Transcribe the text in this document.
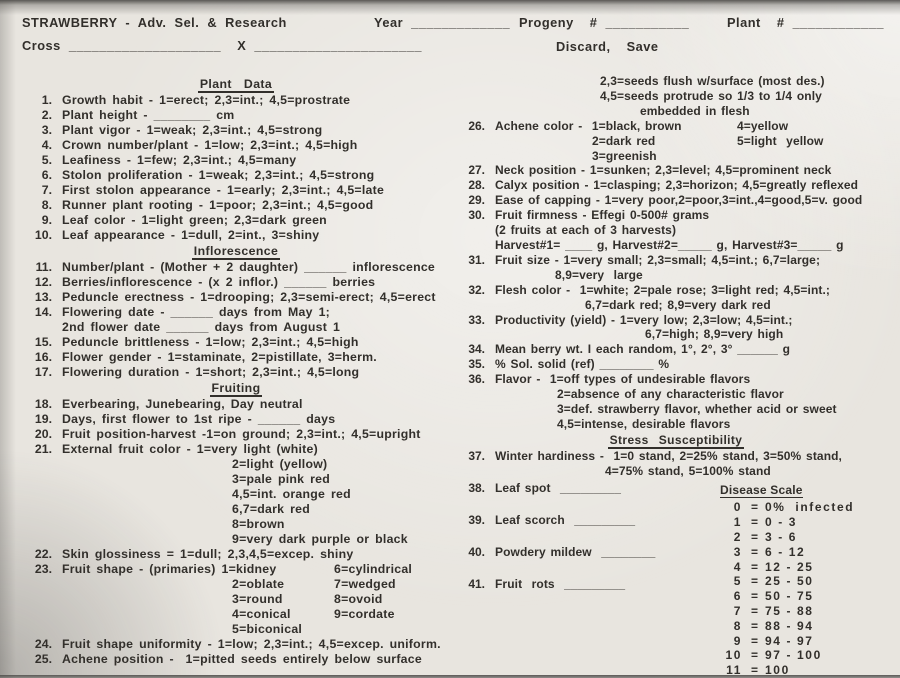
STRAWBERRY - Adv. Sel. & Research	Year _____________ Progeny  # ___________	Plant  # ____________
Cross ____________________  X ______________________	Discard,  Save
Plant  Data
1. Growth habit - 1=erect; 2,3=int.; 4,5=prostrate
2. Plant height - ________ cm
3. Plant vigor - 1=weak; 2,3=int.; 4,5=strong
4. Crown number/plant - 1=low; 2,3=int.; 4,5=high
5. Leafiness - 1=few; 2,3=int.; 4,5=many
6. Stolon proliferation - 1=weak; 2,3=int.; 4,5=strong
7. First stolon appearance - 1=early; 2,3=int.; 4,5=late
8. Runner plant rooting - 1=poor; 2,3=int.; 4,5=good
9. Leaf color - 1=light green; 2,3=dark green
10. Leaf appearance - 1=dull, 2=int., 3=shiny
Inflorescence
11. Number/plant - (Mother + 2 daughter) ______ inflorescence
12. Berries/inflorescence - (x 2 inflor.) ______ berries
13. Peduncle erectness - 1=drooping; 2,3=semi-erect; 4,5=erect
14. Flowering date - ______ days from May 1;
2nd flower date ______ days from August 1
15. Peduncle brittleness - 1=low; 2,3=int.; 4,5=high
16. Flower gender - 1=staminate, 2=pistillate, 3=herm.
17. Flowering duration - 1=short; 2,3=int.; 4,5=long
Fruiting
18. Everbearing, Junebearing, Day neutral
19. Days, first flower to 1st ripe - ______ days
20. Fruit position-harvest -1=on ground; 2,3=int.; 4,5=upright
21. External fruit color - 1=very light (white)
2=light (yellow)
3=pale pink red
4,5=int. orange red
6,7=dark red
8=brown
9=very dark purple or black
22. Skin glossiness = 1=dull; 2,3,4,5=excep. shiny
23. Fruit shape - (primaries) 1=kidney	6=cylindrical
2=oblate	7=wedged
3=round	8=ovoid
4=conical	9=cordate
5=biconical
24. Fruit shape uniformity - 1=low; 2,3=int.; 4,5=excep. uniform.
25. Achene position -  1=pitted seeds entirely below surface
2,3=seeds flush w/surface (most des.)
4,5=seeds protrude so 1/3 to 1/4 only
embedded in flesh
26. Achene color -  1=black, brown	4=yellow
2=dark red	5=light  yellow
3=greenish
27. Neck position - 1=sunken; 2,3=level; 4,5=prominent neck
28. Calyx position - 1=clasping; 2,3=horizon; 4,5=greatly reflexed
29. Ease of capping - 1=very poor,2=poor,3=int.,4=good,5=v. good
30. Fruit firmness - Effegi 0-500# grams
(2 fruits at each of 3 harvests)
Harvest#1= ____ g, Harvest#2=_____ g, Harvest#3=_____ g
31. Fruit size - 1=very small; 2,3=small; 4,5=int.; 6,7=large;
8,9=very  large
32. Flesh color -  1=white; 2=pale rose; 3=light red; 4,5=int.;
6,7=dark red; 8,9=very dark red
33. Productivity (yield) - 1=very low; 2,3=low; 4,5=int.;
6,7=high; 8,9=very high
34. Mean berry wt. I each random, 1°, 2°, 3° ______ g
35. % Sol. solid (ref) ________ %
36. Flavor -  1=off types of undesirable flavors
2=absence of any characteristic flavor
3=def. strawberry flavor, whether acid or sweet
4,5=intense, desirable flavors
Stress  Susceptibility
37. Winter hardiness -  1=0 stand, 2=25% stand, 3=50% stand,
4=75% stand, 5=100% stand
38. Leaf spot  _________
39. Leaf scorch  _________
40. Powdery mildew  ________
41. Fruit  rots  _________
Disease Scale
0 = 0%  infected
1 = 0 - 3
2 = 3 - 6
3 = 6 - 12
4 = 12 - 25
5 = 25 - 50
6 = 50 - 75
7 = 75 - 88
8 = 88 - 94
9 = 94 - 97
10 = 97 - 100
11 = 100
